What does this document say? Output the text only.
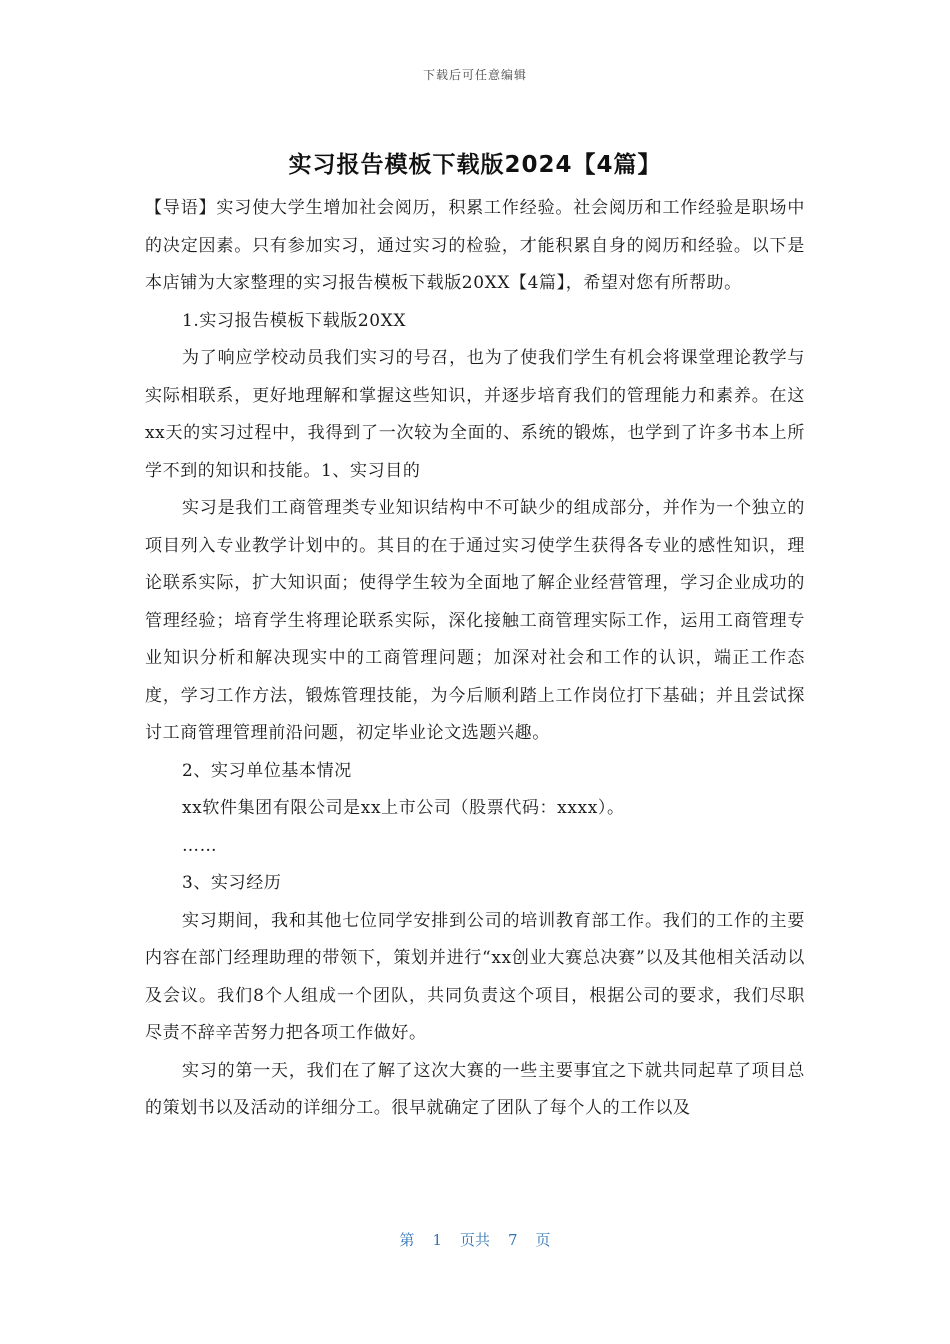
下载后可任意编辑
实习报告模板下载版2024【4篇】

【导语】实习使大学生增加社会阅历，积累工作经验。社会阅历和工作经验是职场中的决定因素。只有参加实习，通过实习的检验，才能积累自身的阅历和经验。以下是本店铺为大家整理的实习报告模板下载版20XX【4篇】，希望对您有所帮助。

1.实习报告模板下载版20XX

为了响应学校动员我们实习的号召，也为了使我们学生有机会将课堂理论教学与实际相联系，更好地理解和掌握这些知识，并逐步培育我们的管理能力和素养。在这xx天的实习过程中，我得到了一次较为全面的、系统的锻炼，也学到了许多书本上所学不到的知识和技能。1、实习目的

实习是我们工商管理类专业知识结构中不可缺少的组成部分，并作为一个独立的项目列入专业教学计划中的。其目的在于通过实习使学生获得各专业的感性知识，理论联系实际，扩大知识面；使得学生较为全面地了解企业经营管理，学习企业成功的管理经验；培育学生将理论联系实际，深化接触工商管理实际工作，运用工商管理专业知识分析和解决现实中的工商管理问题；加深对社会和工作的认识，端正工作态度，学习工作方法，锻炼管理技能，为今后顺利踏上工作岗位打下基础；并且尝试探讨工商管理管理前沿问题，初定毕业论文选题兴趣。

2、实习单位基本情况

xx软件集团有限公司是xx上市公司（股票代码：xxxx）。

……

3、实习经历

实习期间，我和其他七位同学安排到公司的培训教育部工作。我们的工作的主要内容在部门经理助理的带领下，策划并进行“xx创业大赛总决赛”以及其他相关活动以及会议。我们8个人组成一个团队，共同负责这个项目，根据公司的要求，我们尽职尽责不辞辛苦努力把各项工作做好。

实习的第一天，我们在了解了这次大赛的一些主要事宜之下就共同起草了项目总的策划书以及活动的详细分工。很早就确定了团队了每个人的工作以及

第 1 页共 7 页
